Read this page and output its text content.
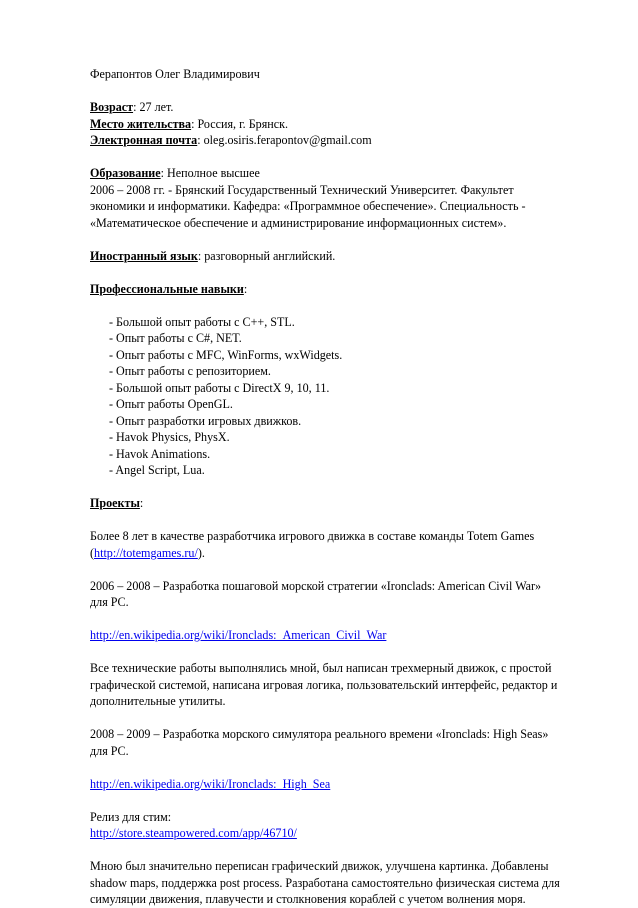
Ферапонтов Олег Владимирович

Возраст: 27 лет.

Место жительства: Россия, г. Брянск.

Электронная почта: oleg.osiris.ferapontov@gmail.com

Образование: Неполное высшее

2006 – 2008 гг. - Брянский Государственный Технический Университет. Факультет

экономики и информатики. Кафедра: «Программное обеспечение». Специальность -

«Математическое обеспечение и администрирование информационных систем».

Иностранный язык: разговорный английский.

Профессиональные навыки:

- Большой опыт работы с C++, STL.
- Опыт работы с C#, NET.
- Опыт работы с MFC, WinForms, wxWidgets.
- Опыт работы с репозиторием.
- Большой опыт работы с DirectX 9, 10, 11.
- Опыт работы OpenGL.
- Опыт разработки игровых движков.
- Havok Physics, PhysX.
- Havok Animations.
- Angel Script, Lua.

Проекты:

Более 8 лет в качестве разработчика игрового движка в составе команды Totem Games

(http://totemgames.ru/).

2006 – 2008 – Разработка пошаговой морской стратегии «Ironclads: American Civil War»

для PC.

http://en.wikipedia.org/wiki/Ironclads:_American_Civil_War

Все технические работы выполнялись мной, был написан трехмерный движок, с простой

графической системой, написана игровая логика, пользовательский интерфейс, редактор и

дополнительные утилиты.

2008 – 2009 – Разработка морского симулятора реального времени «Ironclads: High Seas»

для PC.

http://en.wikipedia.org/wiki/Ironclads:_High_Sea

Релиз для стим:

http://store.steampowered.com/app/46710/

Мною был значительно переписан графический движок, улучшена картинка. Добавлены

shadow maps, поддержка post process. Разработана самостоятельно физическая система для

симуляции движения, плавучести и столкновения кораблей с учетом волнения моря.
